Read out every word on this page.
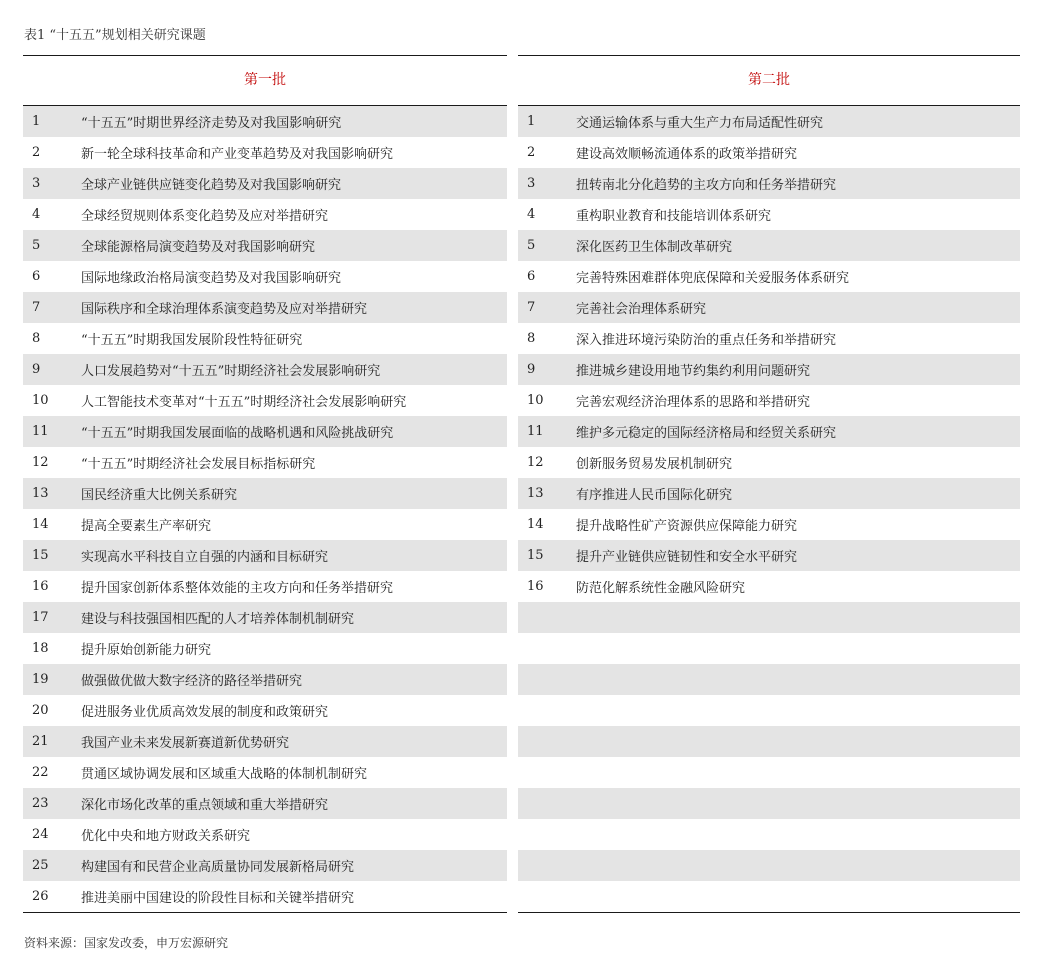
表1 “十五五”规划相关研究课题
第一批
1	“十五五”时期世界经济走势及对我国影响研究
2	新一轮全球科技革命和产业变革趋势及对我国影响研究
3	全球产业链供应链变化趋势及对我国影响研究
4	全球经贸规则体系变化趋势及应对举措研究
5	全球能源格局演变趋势及对我国影响研究
6	国际地缘政治格局演变趋势及对我国影响研究
7	国际秩序和全球治理体系演变趋势及应对举措研究
8	“十五五”时期我国发展阶段性特征研究
9	人口发展趋势对“十五五”时期经济社会发展影响研究
10	人工智能技术变革对“十五五”时期经济社会发展影响研究
11	“十五五”时期我国发展面临的战略机遇和风险挑战研究
12	“十五五”时期经济社会发展目标指标研究
13	国民经济重大比例关系研究
14	提高全要素生产率研究
15	实现高水平科技自立自强的内涵和目标研究
16	提升国家创新体系整体效能的主攻方向和任务举措研究
17	建设与科技强国相匹配的人才培养体制机制研究
18	提升原始创新能力研究
19	做强做优做大数字经济的路径举措研究
20	促进服务业优质高效发展的制度和政策研究
21	我国产业未来发展新赛道新优势研究
22	贯通区域协调发展和区域重大战略的体制机制研究
23	深化市场化改革的重点领域和重大举措研究
24	优化中央和地方财政关系研究
25	构建国有和民营企业高质量协同发展新格局研究
26	推进美丽中国建设的阶段性目标和关键举措研究
第二批
1	交通运输体系与重大生产力布局适配性研究
2	建设高效顺畅流通体系的政策举措研究
3	扭转南北分化趋势的主攻方向和任务举措研究
4	重构职业教育和技能培训体系研究
5	深化医药卫生体制改革研究
6	完善特殊困难群体兜底保障和关爱服务体系研究
7	完善社会治理体系研究
8	深入推进环境污染防治的重点任务和举措研究
9	推进城乡建设用地节约集约利用问题研究
10	完善宏观经济治理体系的思路和举措研究
11	维护多元稳定的国际经济格局和经贸关系研究
12	创新服务贸易发展机制研究
13	有序推进人民币国际化研究
14	提升战略性矿产资源供应保障能力研究
15	提升产业链供应链韧性和安全水平研究
16	防范化解系统性金融风险研究
资料来源：国家发改委，申万宏源研究
